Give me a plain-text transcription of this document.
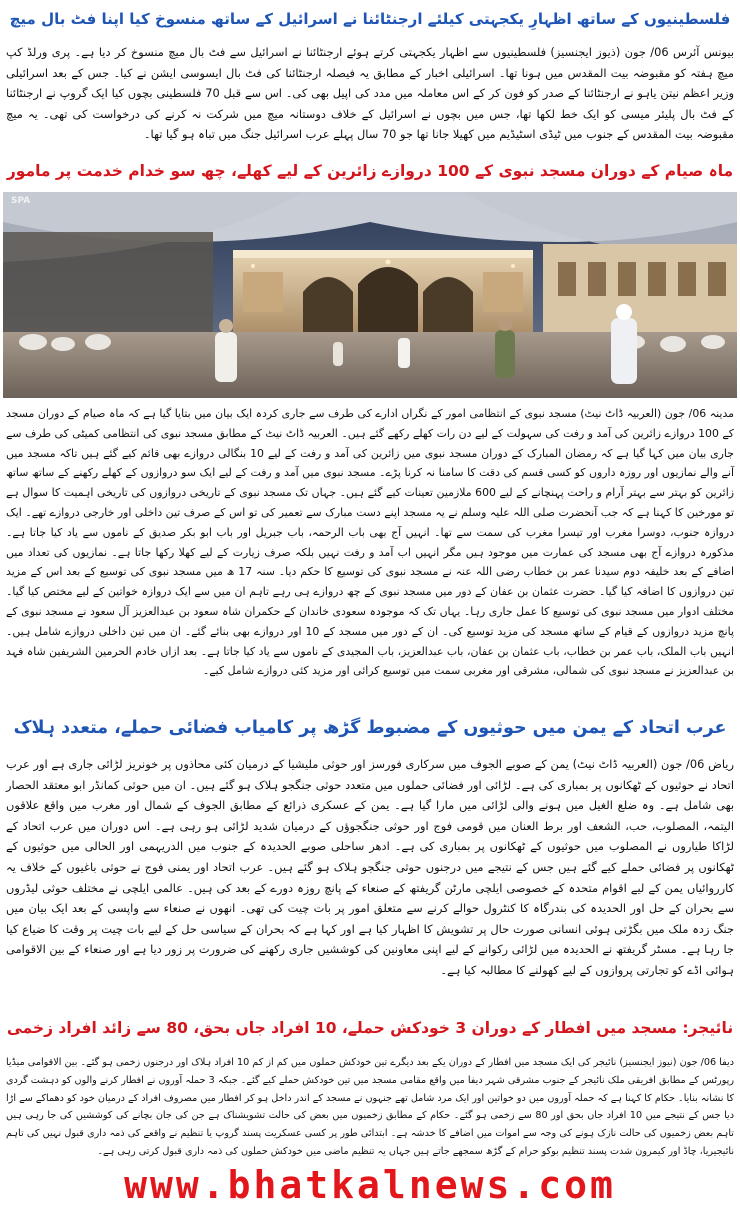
فلسطینیوں کے ساتھ اظہارِ یکجہتی کیلئے ارجنٹائنا نے اسرائیل کے ساتھ منسوخ کیا اپنا فٹ بال میچ

بیونس آئرس 06/ جون (ذیوز ایجنسیز) فلسطینیوں سے اظہار یکجہتی کرتے ہوئے ارجنٹائنا نے اسرائیل سے فٹ بال میچ منسوخ کر دیا ہے۔ پری ورلڈ کپ میچ ہفتہ کو مقبوضہ بیت المقدس میں ہونا تھا۔ اسرائیلی اخبار کے مطابق یہ فیصلہ ارجنٹائنا کی فٹ بال ایسوسی ایشن نے کیا۔ جس کے بعد اسرائیلی وزیر اعظم نیتن یاہو نے ارجنٹائنا کے صدر کو فون کر کے اس معاملہ میں مدد کی اپیل بھی کی۔ اس سے قبل 70 فلسطینی بچوں کیا ایک گروپ نے ارجنٹائنا کے فٹ بال پلیئر میسی کو ایک خط لکھا تھا، جس میں بچوں نے اسرائیل کے خلاف دوستانہ میچ میں شرکت نہ کرنے کی درخواست کی تھی۔ یہ میچ مقبوضہ بیت المقدس کے جنوب میں ٹیڈی اسٹیڈیم میں کھیلا جانا تھا جو 70 سال پہلے عرب اسرائیل جنگ میں تباہ ہو گیا تھا۔

ماہ صیام کے دوران مسجد نبوی کے 100 دروازے زائرین کے لیے کھلے، چھ سو خدام خدمت پر مامور
SPA

مدینہ 06/ جون (العربیہ ڈاٹ نیٹ) مسجد نبوی کے انتظامی امور کے نگراں ادارے کی طرف سے جاری کردہ ایک بیان میں بتایا گیا ہے کہ ماہ صیام کے دوران مسجد کے 100 دروازے زائرین کی آمد و رفت کی سہولت کے لیے دن رات کھلے رکھے گئے ہیں۔ العربیہ ڈاٹ نیٹ کے مطابق مسجد نبوی کی انتظامی کمیٹی کی طرف سے جاری بیان میں کہا گیا ہے کہ رمضان المبارک کے دوران مسجد نبوی میں زائرین کی آمد و رفت کے لیے 10 بنگالی دروازے بھی قائم کیے گئے ہیں تاکہ مسجد میں آنے والے نمازیوں اور روزہ داروں کو کسی قسم کی دقت کا سامنا نہ کرنا پڑے۔ مسجد نبوی میں آمد و رفت کے لیے ایک سو دروازوں کے کھلے رکھنے کے ساتھ ساتھ زائرین کو بہتر سے بہتر آرام و راحت پہنچانے کے لیے 600 ملازمین تعینات کیے گئے ہیں۔ جہاں تک مسجد نبوی کے تاریخی دروازوں کی تاریخی اہمیت کا سوال ہے تو مورخین کا کہنا ہے کہ جب آنحضرت صلی اللہ علیہ وسلم نے یہ مسجد اپنے دست مبارک سے تعمیر کی تو اس کے صرف تین داخلی اور خارجی دروازے تھے۔ ایک دروازہ جنوب، دوسرا مغرب اور تیسرا مغرب کی سمت سے تھا۔ انہیں آج بھی باب الرحمہ، باب جبریل اور باب ابو بکر صدیق کے ناموں سے یاد کیا جاتا ہے۔ مذکورہ دروازے آج بھی مسجد کی عمارت میں موجود ہیں مگر انہیں اب آمد و رفت نہیں بلکہ صرف زیارت کے لیے کھلا رکھا جاتا ہے۔ نمازیوں کی تعداد میں اضافے کے بعد خلیفہ دوم سیدنا عمر بن خطاب رضی اللہ عنہ نے مسجد نبوی کی توسیع کا حکم دیا۔ سنہ 17 ھ میں مسجد نبوی کی توسیع کے بعد اس کے مزید تین دروازوں کا اضافہ کیا گیا۔ حضرت عثمان بن عفان کے دور میں مسجد نبوی کے چھ دروازے ہی رہے تاہم ان میں سے ایک دروازہ خواتین کے لیے مختص کیا گیا۔ مختلف ادوار میں مسجد نبوی کی توسیع کا عمل جاری رہا۔ یہاں تک کہ موجودہ سعودی خاندان کے حکمران شاہ سعود بن عبدالعزیز آل سعود نے مسجد نبوی کے پانچ مزید دروازوں کے قیام کے ساتھ مسجد کی مزید توسیع کی۔ ان کے دور میں مسجد کے 10 اور دروازے بھی بنائے گئے۔ ان میں تین داخلی دروازے شامل ہیں۔ انہیں باب الملک، باب عمر بن خطاب، باب عثمان بن عفان، باب عبدالعزیز، باب المجیدی کے ناموں سے یاد کیا جاتا ہے۔ بعد ازاں خادم الحرمین الشریفین شاہ فہد بن عبدالعزیز نے مسجد نبوی کی شمالی، مشرقی اور مغربی سمت میں توسیع کرائی اور مزید کئی دروازے شامل کیے۔

عرب اتحاد کے یمن میں حوثیوں کے مضبوط گڑھ پر کامیاب فضائی حملے، متعدد ہلاک

ریاض 06/ جون (العربیہ ڈاٹ نیٹ) یمن کے صوبے الجوف میں سرکاری فورسز اور حوثی ملیشیا کے درمیان کئی محاذوں پر خونریز لڑائی جاری ہے اور عرب اتحاد نے حوثیوں کے ٹھکانوں پر بمباری کی ہے۔ لڑائی اور فضائی حملوں میں متعدد حوثی جنگجو ہلاک ہو گئے ہیں۔ ان میں حوثی کمانڈر ابو معتقد الحصار بھی شامل ہے۔ وہ ضلع الغیل میں ہونے والی لڑائی میں مارا گیا ہے۔ یمن کے عسکری ذرائع کے مطابق الجوف کے شمال اور مغرب میں واقع علاقوں الیتمہ، المصلوب، حب، الشعف اور برط العنان میں قومی فوج اور حوثی جنگجوؤں کے درمیان شدید لڑائی ہو رہی ہے۔ اس دوران میں عرب اتحاد کے لڑاکا طیاروں نے المصلوب میں حوثیوں کے ٹھکانوں پر بمباری کی ہے۔ ادھر ساحلی صوبے الحدیدہ کے جنوب میں الدریہمی اور الحالی میں حوثیوں کے ٹھکانوں پر فضائی حملے کیے گئے ہیں جس کے نتیجے میں درجنوں حوثی جنگجو ہلاک ہو گئے ہیں۔ عرب اتحاد اور یمنی فوج نے حوثی باغیوں کے خلاف یہ کارروائیاں یمن کے لیے اقوام متحدہ کے خصوصی ایلچی مارٹن گریفتھ کے صنعاء کے پانچ روزہ دورے کے بعد کی ہیں۔ عالمی ایلچی نے مختلف حوثی لیڈروں سے بحران کے حل اور الحدیدہ کی بندرگاہ کا کنٹرول حوالے کرنے سے متعلق امور پر بات چیت کی تھی۔ انھوں نے صنعاء سے واپسی کے بعد ایک بیان میں جنگ زدہ ملک میں بگڑتی ہوئی انسانی صورت حال پر تشویش کا اظہار کیا ہے اور کہا ہے کہ بحران کے سیاسی حل کے لیے بات چیت پر وقت کا ضیاع کیا جا رہا ہے۔ مسٹر گریفتھ نے الحدیدہ میں لڑائی رکوانے کے لیے اپنی معاونین کی کوششیں جاری رکھنے کی ضرورت پر زور دیا ہے اور صنعاء کے بین الاقوامی ہوائی اڈے کو تجارتی پروازوں کے لیے کھولنے کا مطالبہ کیا ہے۔

نائیجر: مسجد میں افطار کے دوران 3 خودکش حملے، 10 افراد جاں بحق، 80 سے زائد افراد زخمی

دیفا 06/ جون (نیوز ایجنسیز) نائیجر کی ایک مسجد میں افطار کے دوران یکے بعد دیگرے تین خودکش حملوں میں کم از کم 10 افراد ہلاک اور درجنوں زخمی ہو گئے۔ بین الاقوامی میڈیا رپورٹس کے مطابق افریقی ملک نائیجر کے جنوب مشرقی شہر دیفا میں واقع مقامی مسجد میں تین خودکش حملے کیے گئے۔ جبکہ 3 حملہ آوروں نے افطار کرنے والوں کو دہشت گردی کا نشانہ بنایا۔ حکام کا کہنا ہے کہ حملہ آوروں میں دو خواتین اور ایک مرد شامل تھے جنہوں نے مسجد کے اندر داخل ہو کر افطار میں مصروف افراد کے درمیان خود کو دھماکے سے اڑا دیا جس کے نتیجے میں 10 افراد جاں بحق اور 80 سے زخمی ہو گئے۔ حکام کے مطابق زخمیوں میں بعض کی حالت تشویشناک ہے جن کی جان بچانے کی کوششیں کی جا رہی ہیں تاہم بعض زخمیوں کی حالت نازک ہونے کی وجہ سے اموات میں اضافے کا خدشہ ہے۔ ابتدائی طور پر کسی عسکریت پسند گروپ یا تنظیم نے واقعے کی ذمہ داری قبول نہیں کی تاہم نائیجیریا، چاڈ اور کیمرون شدت پسند تنظیم بوکو حرام کے گڑھ سمجھے جاتے ہیں جہاں یہ تنظیم ماضی میں خودکش حملوں کی ذمہ داری قبول کرتی رہی ہے۔

www.bhatkalnews.com
